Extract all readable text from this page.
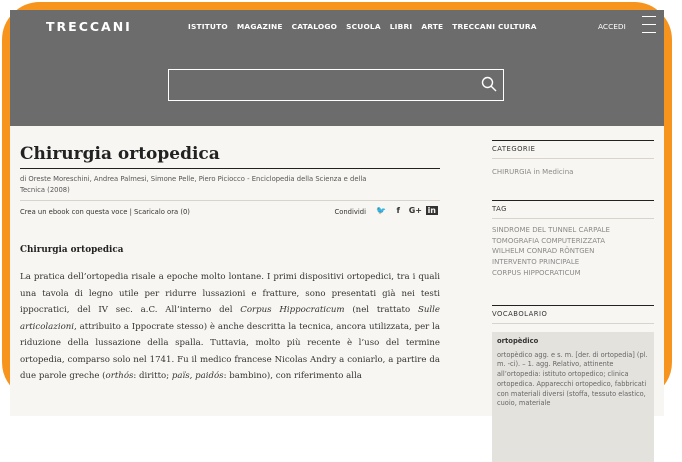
TRECCANI	ISTITUTO MAGAZINE CATALOGO SCUOLA LIBRI ARTE TRECCANI CULTURA	ACCEDI
Chirurgia ortopedica
di Oreste Moreschini, Andrea Palmesi, Simone Pelle, Piero Piciocco - Enciclopedia della Scienza e della
Tecnica (2008)
Crea un ebook con questa voce | Scaricalo ora (0)	Condividi 🐦 f G+ in
Chirurgia ortopedica
La pratica dell’ortopedia risale a epoche molto lontane. I primi dispositivi ortopedici, tra i quali una tavola di legno utile per ridurre lussazioni e fratture, sono presentati già nei testi ippocratici, del IV sec. a.C. All’interno del Corpus Hippocraticum (nel trattato Sulle articolazioni, attribuito a Ippocrate stesso) è anche descritta la tecnica, ancora utilizzata, per la riduzione della lussazione della spalla. Tuttavia, molto più recente è l’uso del termine ortopedia, comparso solo nel 1741. Fu il medico francese Nicolas Andry a coniarlo, a partire da due parole greche (orthós: diritto; païs, paidós: bambino), con riferimento alla
CATEGORIE
CHIRURGIA in Medicina
TAG
SINDROME DEL TUNNEL CARPALE
TOMOGRAFIA COMPUTERIZZATA
WILHELM CONRAD RÖNTGEN
INTERVENTO PRINCIPALE
CORPUS HIPPOCRATICUM
VOCABOLARIO
ortopèdico
ortopèdico agg. e s. m. [der. di ortopedia] (pl. m. -ci). – 1. agg. Relativo, attinente all’ortopedia: istituto ortopedico; clinica ortopedica. Apparecchi ortopedico, fabbricati con materiali diversi (stoffa, tessuto elastico, cuoio, materiale
